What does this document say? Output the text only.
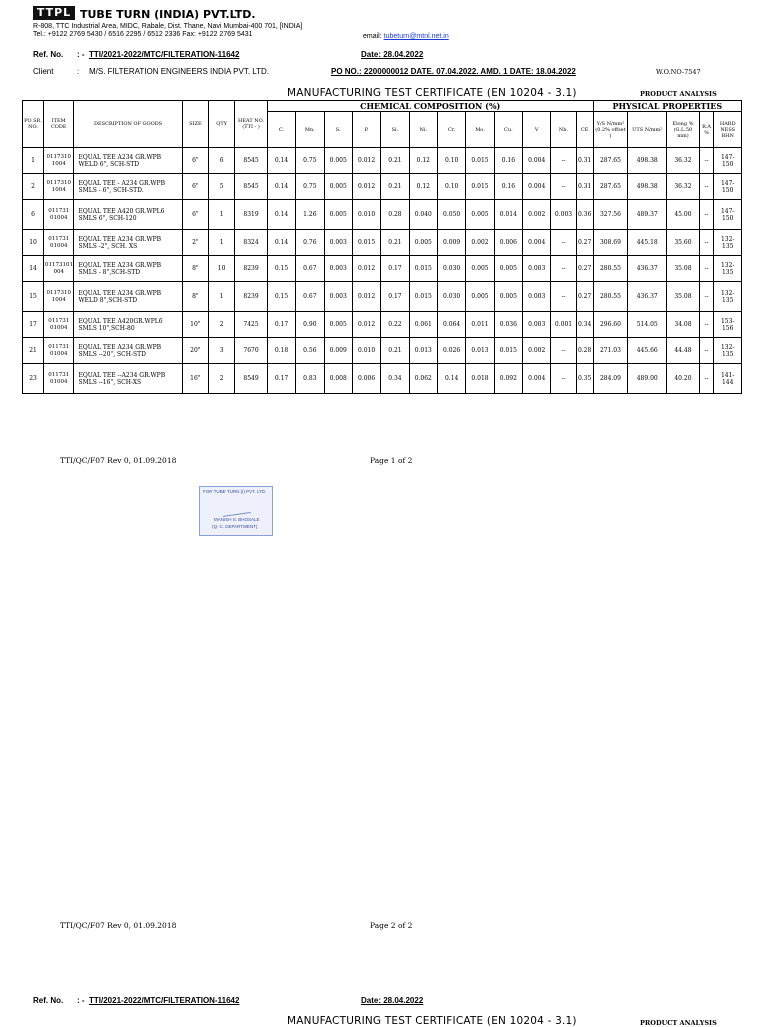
TTPL TUBE TURN (INDIA) PVT.LTD.
R-808, TTC Industrial Area, MIDC, Rabale, Dist. Thane, Navi Mumbai-400 701, [INDIA]
Tel.: +9122 2769 5430 / 6516 2295 / 6512 2336 Fax: +9122 2769 5431	email: tubeturn@mtnl.net.in
Ref. No. : - TTI/2021-2022/MTC/FILTERATION-11642	Date: 28.04.2022
Client	: M/S. FILTERATION ENGINEERS INDIA PVT. LTD.	PO NO.: 2200000012 DATE. 07.04.2022. AMD. 1 DATE: 18.04.2022	W.O.NO-7547
MANUFACTURING TEST CERTIFICATE (EN 10204 - 3.1)	PRODUCT ANALYSIS
PO SR. NO.	ITEM CODE	DESCRIPTION OF GOODS	SIZE	QTY	HEAT NO. (TTI - )	CHEMICAL COMPOSITION (%)												PHYSICAL PROPERTIES				
						C.	Mn.	S.	P.	Si.	Ni.	Cr.	Mo.	Cu.	V	Nb.	CE	Y/S N/mm² (0.2% offset )	UTS N/mm²	Elong % (G.L.50 mm)	R.A %	HARD NESS BHN
1	0117310 1004	EQUAL TEE A234 GR.WPB WELD 6", SCH-STD	6"	6	8545	0.14	0.75	0.005	0.012	0.21	0.12	0.10	0.015	0.16	0.004	--	0.31	287.65	498.38	36.32	--	147-150
2	0117310 1004	EQUAL TEE - A234 GR.WPB SMLS - 6", SCH-STD.	6"	5	8545	0.14	0.75	0.005	0.012	0.21	0.12	0.10	0.015	0.16	0.004	--	0.31	287.65	498.38	36.32	--	147-150
6	011731 01004	EQUAL TEE A420 GR.WPL6 SMLS 6", SCH-120	6"	1	8319	0.14	1.26	0.005	0.010	0.28	0.040	0.050	0.005	0.014	0.002	0.003	0.36	327.56	489.37	45.00	--	147-150
10	011731 01004	EQUAL TEE A234 GR.WPB SMLS -2", SCH. XS	2"	1	8324	0.14	0.76	0.003	0.015	0.21	0.005	0.009	0.002	0.006	0.004	--	0.27	308.69	445.18	35.60	--	132-135
14	01173101 004	EQUAL TEE A234 GR.WPB SMLS - 8",SCH-STD	8"	10	8239	0.15	0.67	0.003	0.012	0.17	0.015	0.030	0.005	0.005	0.003	--	0.27	280.55	436.37	35.08	--	132-135
15	0117310 1004	EQUAL TEE A234 GR.WPB WELD 8",SCH-STD	8"	1	8239	0.15	0.67	0.003	0.012	0.17	0.015	0.030	0.005	0.005	0.003	--	0.27	280.55	436.37	35.08	--	132-135
17	011731 01004	EQUAL TEE A420GR.WPL6 SMLS 10",SCH-80	10"	2	7425	0.17	0.90	0.005	0.012	0.22	0.061	0.064	0.011	0.036	0.003	0.001	0.34	296.60	514.05	34.08	--	153-156
21	011731 01004	EQUAL TEE A234 GR.WPB SMLS --20", SCH-STD	20"	3	7670	0.18	0.56	0.009	0.010	0.21	0.013	0.026	0.013	0.015	0.002	--	0.28	271.03	445.66	44.48	--	132-135
23	011731 01004	EQUAL TEE --A234 GR.WPB SMLS --16", SCH-XS	16"	2	8549	0.17	0.83	0.008	0.006	0.34	0.062	0.14	0.018	0.092	0.004	--	0.35	284.09	489.00	40.20	--	141-144
TTI/QC/F07 Rev 0, 01.09.2018	Page 1 of 2
FOR TUBE TURN (I) PVT. LTD.
MANISH S. BHOSALE
(Q. C. DEPARTMENT)
TTI/QC/F07 Rev 0, 01.09.2018	Page 2 of 2
Ref. No. : - TTI/2021-2022/MTC/FILTERATION-11642	Date: 28.04.2022
MANUFACTURING TEST CERTIFICATE (EN 10204 - 3.1)	PRODUCT ANALYSIS
